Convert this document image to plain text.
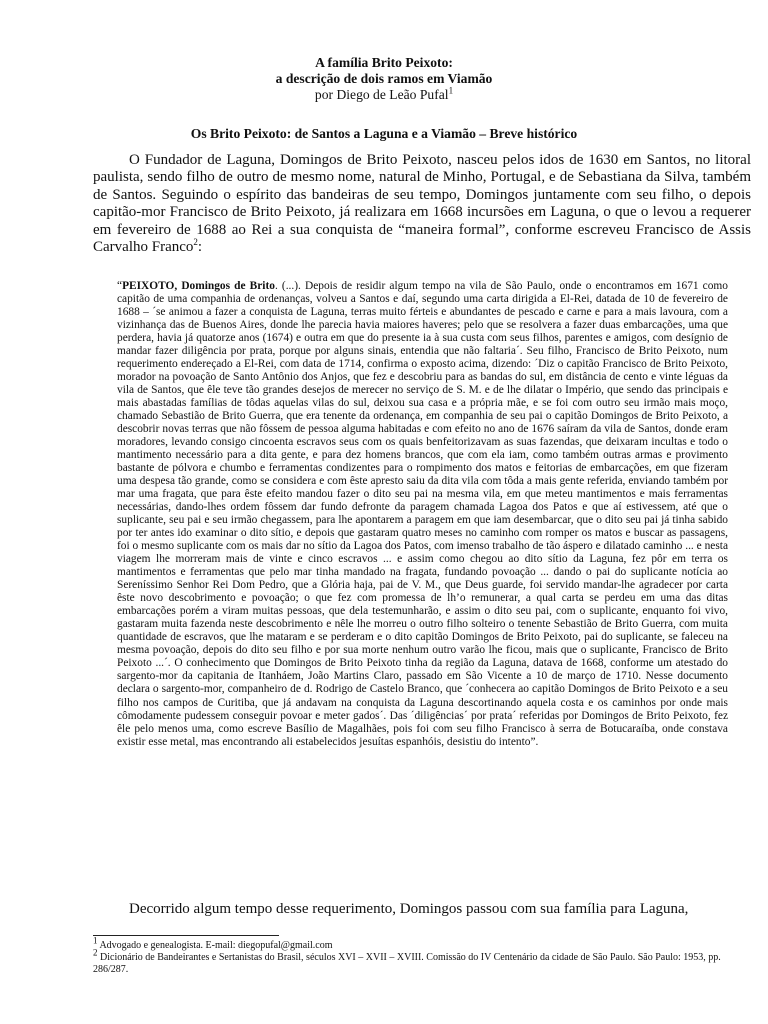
A família Brito Peixoto:
a descrição de dois ramos em Viamão
por Diego de Leão Pufal$^1$
Os Brito Peixoto: de Santos a Laguna e a Viamão – Breve histórico

O Fundador de Laguna, Domingos de Brito Peixoto, nasceu pelos idos de 1630 em Santos, no litoral paulista, sendo filho de outro de mesmo nome, natural de Minho, Portugal, e de Sebastiana da Silva, também de Santos. Seguindo o espírito das bandeiras de seu tempo, Domingos juntamente com seu filho, o depois capitão-mor Francisco de Brito Peixoto, já realizara em 1668 incursões em Laguna, o que o levou a requerer em fevereiro de 1688 ao Rei a sua conquista de “maneira formal”, conforme escreveu Francisco de Assis Carvalho Franco$^2$:

“PEIXOTO, Domingos de Brito. (...). Depois de residir algum tempo na vila de São Paulo, onde o encontramos em 1671 como capitão de uma companhia de ordenanças, volveu a Santos e daí, segundo uma carta dirigida a El-Rei, datada de 10 de fevereiro de 1688 – ´se animou a fazer a conquista de Laguna, terras muito férteis e abundantes de pescado e carne e para a mais lavoura, com a vizinhança das de Buenos Aires, donde lhe parecia havia maiores haveres; pelo que se resolvera a fazer duas embarcações, uma que perdera, havia já quatorze anos (1674) e outra em que do presente ia à sua custa com seus filhos, parentes e amigos, com desígnio de mandar fazer diligência por prata, porque por alguns sinais, entendia que não faltaria´. Seu filho, Francisco de Brito Peixoto, num requerimento endereçado a El-Rei, com data de 1714, confirma o exposto acima, dizendo: ´Diz o capitão Francisco de Brito Peixoto, morador na povoação de Santo Antônio dos Anjos, que fez e descobriu para as bandas do sul, em distância de cento e vinte léguas da vila de Santos, que êle teve tão grandes desejos de merecer no serviço de S. M. e de lhe dilatar o Império, que sendo das principais e mais abastadas famílias de tôdas aquelas vilas do sul, deixou sua casa e a própria mãe, e se foi com outro seu irmão mais moço, chamado Sebastião de Brito Guerra, que era tenente da ordenança, em companhia de seu pai o capitão Domingos de Brito Peixoto, a descobrir novas terras que não fôssem de pessoa alguma habitadas e com efeito no ano de 1676 saíram da vila de Santos, donde eram moradores, levando consigo cincoenta escravos seus com os quais benfeitorizavam as suas fazendas, que deixaram incultas e todo o mantimento necessário para a dita gente, e para dez homens brancos, que com ela iam, como também outras armas e provimento bastante de pólvora e chumbo e ferramentas condizentes para o rompimento dos matos e feitorias de embarcações, em que fizeram uma despesa tão grande, como se considera e com êste apresto saiu da dita vila com tôda a mais gente referida, enviando também por mar uma fragata, que para êste efeito mandou fazer o dito seu pai na mesma vila, em que meteu mantimentos e mais ferramentas necessárias, dando-lhes ordem fôssem dar fundo defronte da paragem chamada Lagoa dos Patos e que aí estivessem, até que o suplicante, seu pai e seu irmão chegassem, para lhe apontarem a paragem em que iam desembarcar, que o dito seu pai já tinha sabido por ter antes ido examinar o dito sítio, e depois que gastaram quatro meses no caminho com romper os matos e buscar as passagens, foi o mesmo suplicante com os mais dar no sítio da Lagoa dos Patos, com imenso trabalho de tão áspero e dilatado caminho ... e nesta viagem lhe morreram mais de vinte e cinco escravos ... e assim como chegou ao dito sítio da Laguna, fez pôr em terra os mantimentos e ferramentas que pelo mar tinha mandado na fragata, fundando povoação ... dando o pai do suplicante notícia ao Sereníssimo Senhor Rei Dom Pedro, que a Glória haja, pai de V. M., que Deus guarde, foi servido mandar-lhe agradecer por carta êste novo descobrimento e povoação; o que fez com promessa de lh’o remunerar, a qual carta se perdeu em uma das ditas embarcações porém a viram muitas pessoas, que dela testemunharão, e assim o dito seu pai, com o suplicante, enquanto foi vivo, gastaram muita fazenda neste descobrimento e nêle lhe morreu o outro filho solteiro o tenente Sebastião de Brito Guerra, com muita quantidade de escravos, que lhe mataram e se perderam e o dito capitão Domingos de Brito Peixoto, pai do suplicante, se faleceu na mesma povoação, depois do dito seu filho e por sua morte nenhum outro varão lhe ficou, mais que o suplicante, Francisco de Brito Peixoto ...´. O conhecimento que Domingos de Brito Peixoto tinha da região da Laguna, datava de 1668, conforme um atestado do sargento-mor da capitania de Itanháem, João Martins Claro, passado em São Vicente a 10 de março de 1710. Nesse documento declara o sargento-mor, companheiro de d. Rodrigo de Castelo Branco, que ´conhecera ao capitão Domingos de Brito Peixoto e a seu filho nos campos de Curitiba, que já andavam na conquista da Laguna descortinando aquela costa e os caminhos por onde mais cômodamente pudessem conseguir povoar e meter gados´. Das ´diligências´ por prata´ referidas por Domingos de Brito Peixoto, fez êle pelo menos uma, como escreve Basílio de Magalhães, pois foi com seu filho Francisco à serra de Botucaraíba, onde constava existir esse metal, mas encontrando ali estabelecidos jesuítas espanhóis, desistiu do intento”.

Decorrido algum tempo desse requerimento, Domingos passou com sua família para Laguna,

$^1$ Advogado e genealogista. E-mail: diegopufal@gmail.com

$^2$ Dicionário de Bandeirantes e Sertanistas do Brasil, séculos XVI – XVII – XVIII. Comissão do IV Centenário da cidade de São Paulo. São Paulo: 1953, pp. 286/287.
